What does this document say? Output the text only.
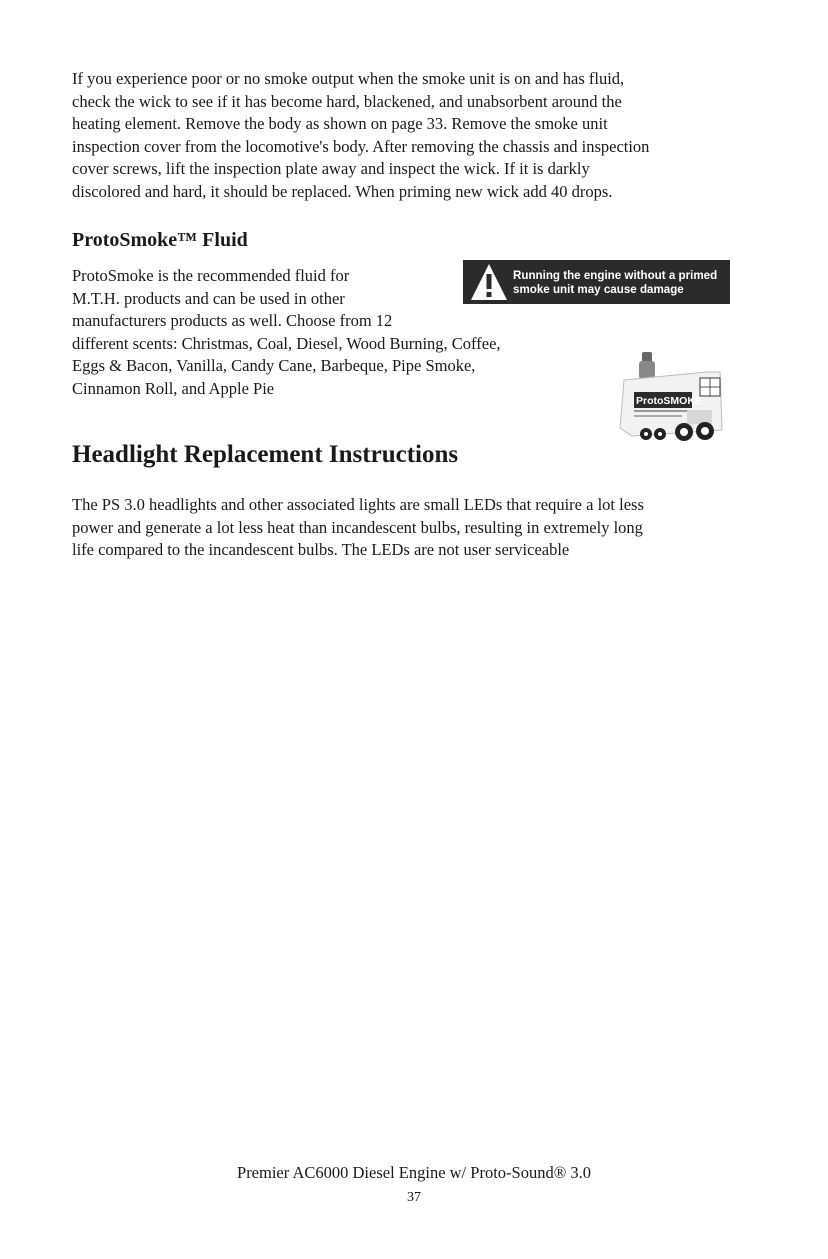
If you experience poor or no smoke output when the smoke unit is on and has fluid,
check the wick to see if it has become hard, blackened, and unabsorbent around the
heating element. Remove the body as shown on page 33. Remove the smoke unit
inspection cover from the locomotive's body. After removing the chassis and inspection
cover screws, lift the inspection plate away and inspect the wick. If it is darkly
discolored and hard, it should be replaced. When priming new wick add 40 drops.
ProtoSmoke™ Fluid
ProtoSmoke is the recommended fluid for
M.T.H. products and can be used in other
manufacturers products as well. Choose from 12
different scents: Christmas, Coal, Diesel, Wood Burning, Coffee,
Eggs & Bacon, Vanilla, Candy Cane, Barbeque, Pipe Smoke,
Cinnamon Roll, and Apple Pie
Running the engine without a primed
smoke unit may cause damage
ProtoSMOKE
Headlight Replacement Instructions
The PS 3.0 headlights and other associated lights are small LEDs that require a lot less
power and generate a lot less heat than incandescent bulbs, resulting in extremely long
life compared to the incandescent bulbs. The LEDs are not user serviceable
Premier AC6000 Diesel Engine w/ Proto-Sound® 3.0
37
